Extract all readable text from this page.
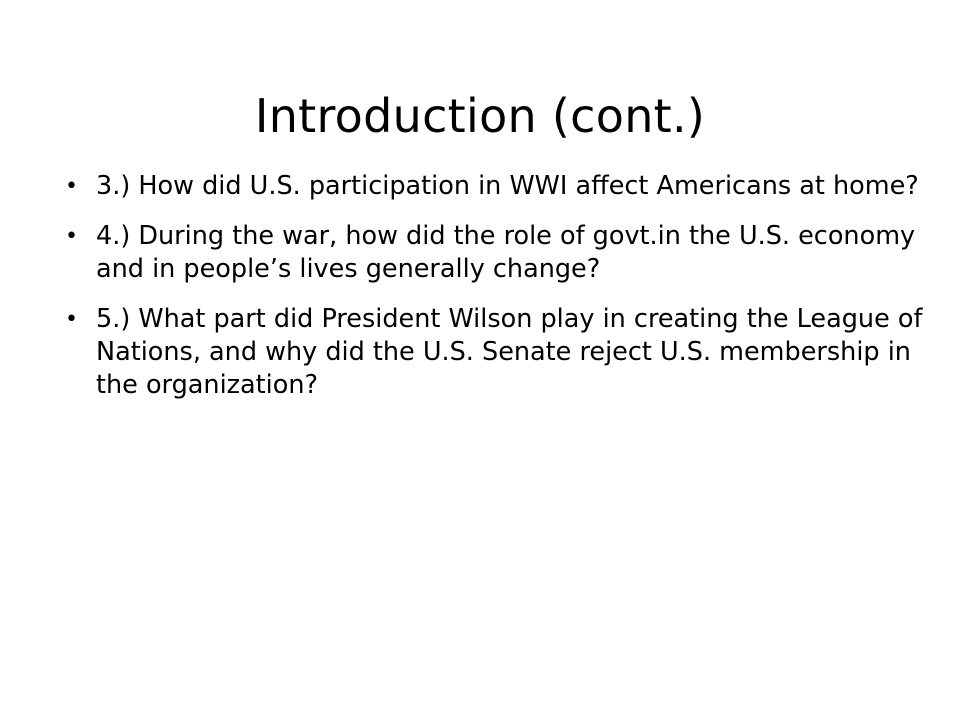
Introduction (cont.)
• 3.) How did U.S. participation in WWI affect Americans at home?
• 4.) During the war, how did the role of govt.in the U.S. economy and in people’s lives generally change?
• 5.) What part did President Wilson play in creating the League of Nations, and why did the U.S. Senate reject U.S. membership in the organization?
